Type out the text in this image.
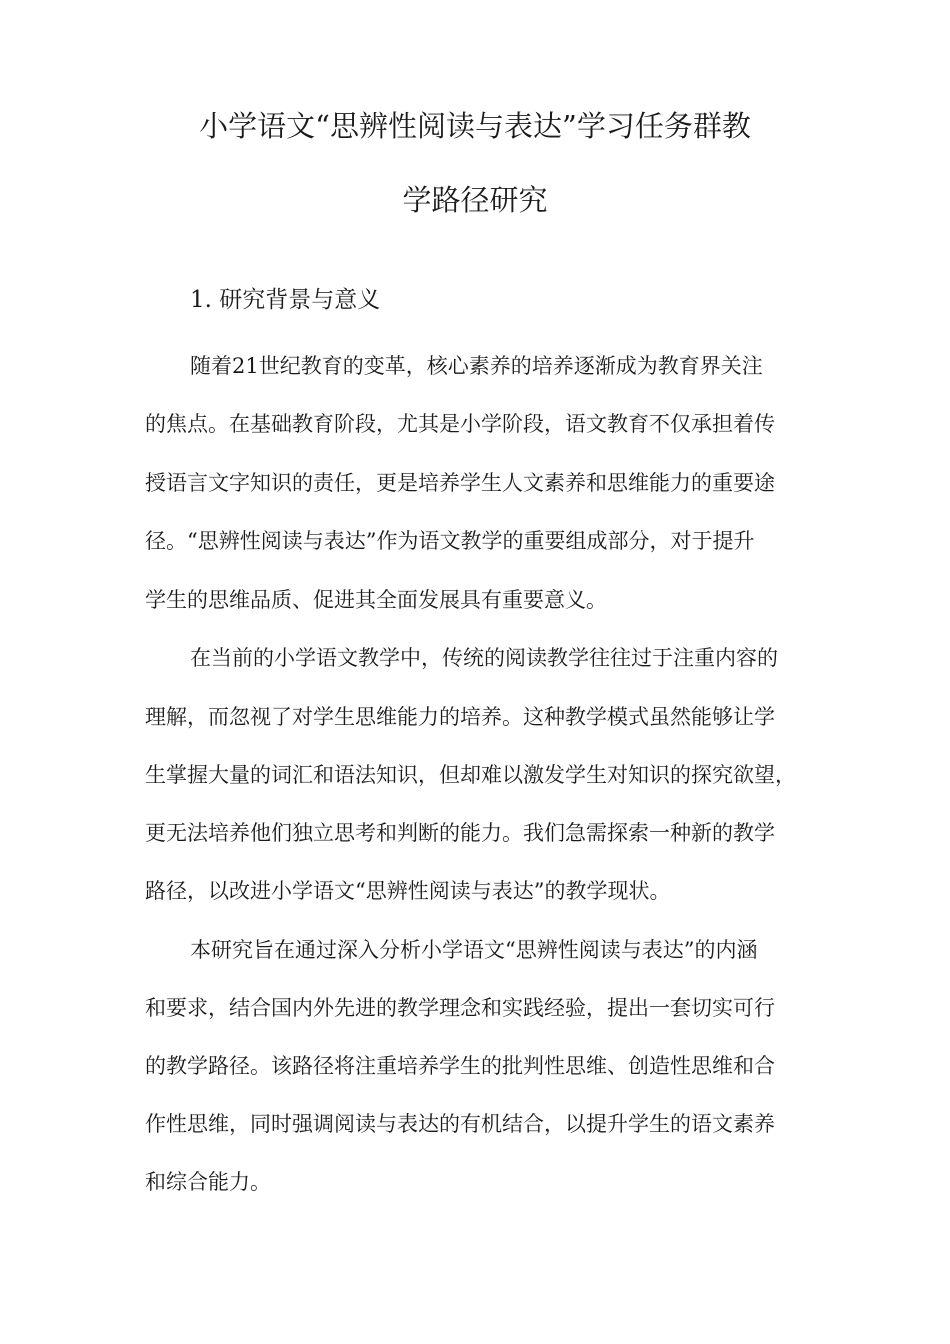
小学语文“思辨性阅读与表达”学习任务群教
学路径研究
1. 研究背景与意义
随着21世纪教育的变革，核心素养的培养逐渐成为教育界关注
的焦点。在基础教育阶段，尤其是小学阶段，语文教育不仅承担着传
授语言文字知识的责任，更是培养学生人文素养和思维能力的重要途
径。“思辨性阅读与表达”作为语文教学的重要组成部分，对于提升
学生的思维品质、促进其全面发展具有重要意义。
在当前的小学语文教学中，传统的阅读教学往往过于注重内容的
理解，而忽视了对学生思维能力的培养。这种教学模式虽然能够让学
生掌握大量的词汇和语法知识，但却难以激发学生对知识的探究欲望，
更无法培养他们独立思考和判断的能力。我们急需探索一种新的教学
路径，以改进小学语文“思辨性阅读与表达”的教学现状。
本研究旨在通过深入分析小学语文“思辨性阅读与表达”的内涵
和要求，结合国内外先进的教学理念和实践经验，提出一套切实可行
的教学路径。该路径将注重培养学生的批判性思维、创造性思维和合
作性思维，同时强调阅读与表达的有机结合，以提升学生的语文素养
和综合能力。
